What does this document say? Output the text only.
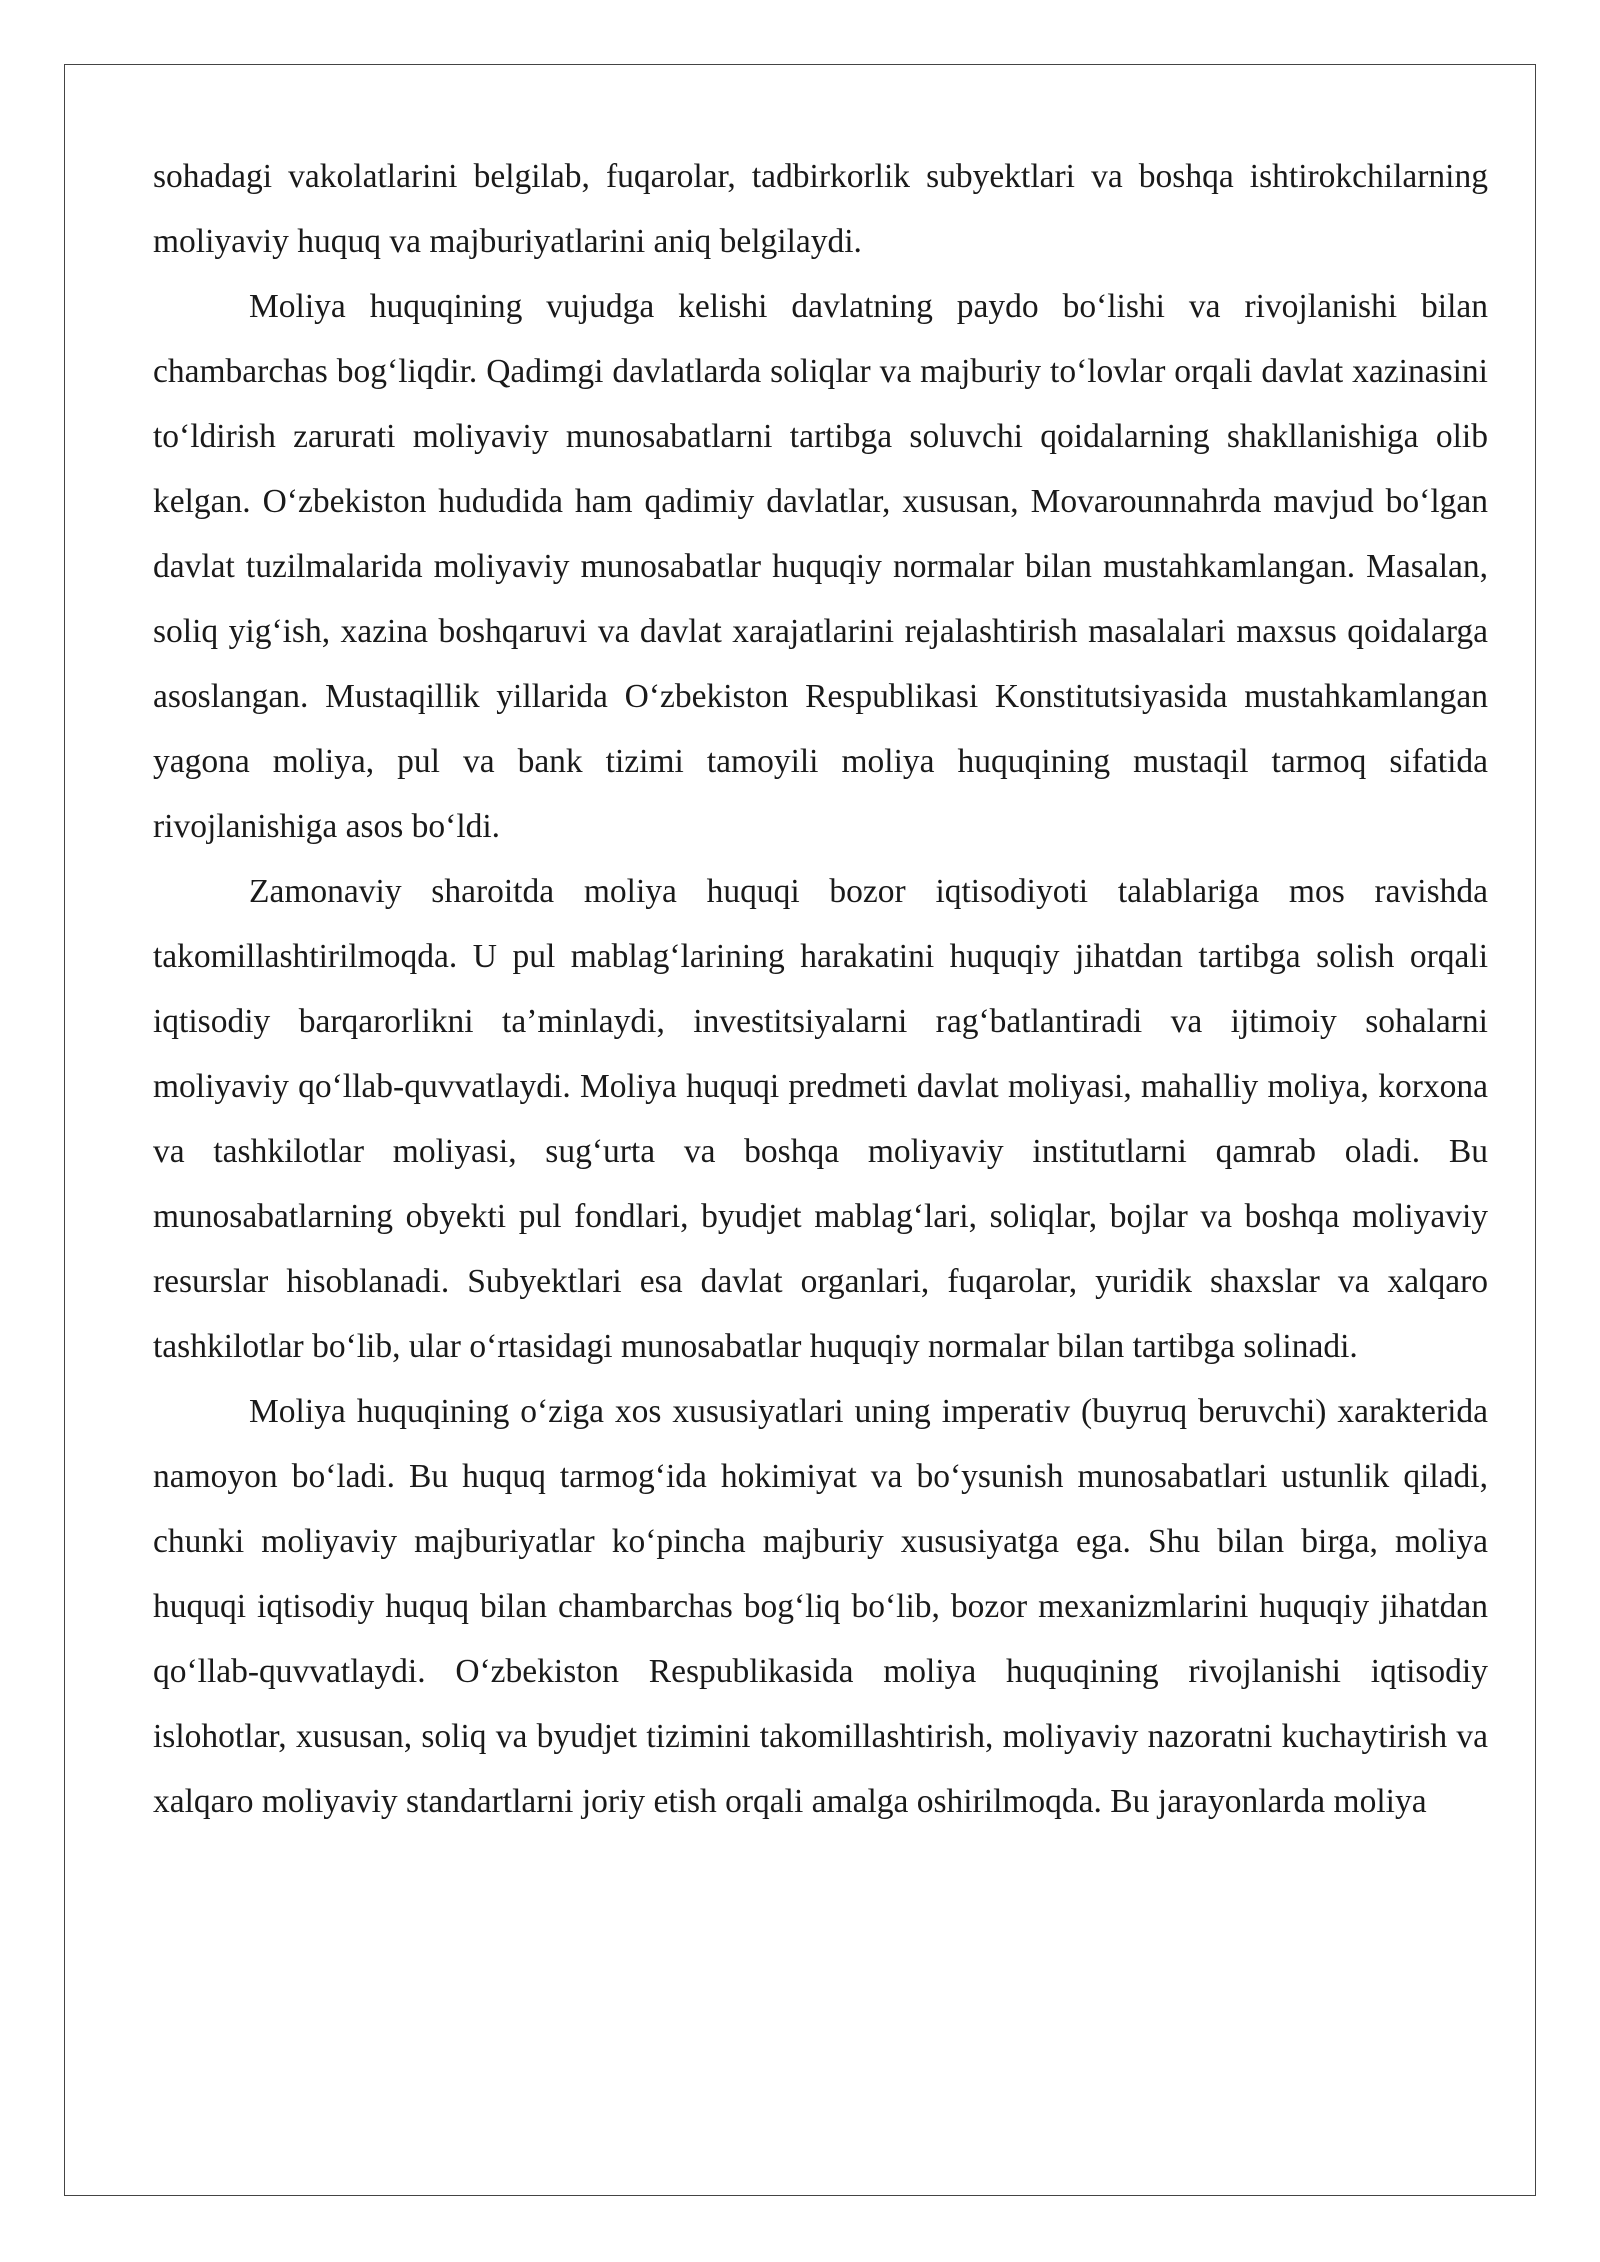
sohadagi vakolatlarini belgilab, fuqarolar, tadbirkorlik subyektlari va boshqa ishtirokchilarning moliyaviy huquq va majburiyatlarini aniq belgilaydi.

Moliya huquqining vujudga kelishi davlatning paydo bo‘lishi va rivojlanishi bilan chambarchas bog‘liqdir. Qadimgi davlatlarda soliqlar va majburiy to‘lovlar orqali davlat xazinasini to‘ldirish zarurati moliyaviy munosabatlarni tartibga soluvchi qoidalarning shakllanishiga olib kelgan. O‘zbekiston hududida ham qadimiy davlatlar, xususan, Movarounnahrda mavjud bo‘lgan davlat tuzilmalarida moliyaviy munosabatlar huquqiy normalar bilan mustahkamlangan. Masalan, soliq yig‘ish, xazina boshqaruvi va davlat xarajatlarini rejalashtirish masalalari maxsus qoidalarga asoslangan. Mustaqillik yillarida O‘zbekiston Respublikasi Konstitutsiyasida mustahkamlangan yagona moliya, pul va bank tizimi tamoyili moliya huquqining mustaqil tarmoq sifatida rivojlanishiga asos bo‘ldi.

Zamonaviy sharoitda moliya huquqi bozor iqtisodiyoti talablariga mos ravishda takomillashtirilmoqda. U pul mablag‘larining harakatini huquqiy jihatdan tartibga solish orqali iqtisodiy barqarorlikni ta’minlaydi, investitsiyalarni rag‘batlantiradi va ijtimoiy sohalarni moliyaviy qo‘llab-quvvatlaydi. Moliya huquqi predmeti davlat moliyasi, mahalliy moliya, korxona va tashkilotlar moliyasi, sug‘urta va boshqa moliyaviy institutlarni qamrab oladi. Bu munosabatlarning obyekti pul fondlari, byudjet mablag‘lari, soliqlar, bojlar va boshqa moliyaviy resurslar hisoblanadi. Subyektlari esa davlat organlari, fuqarolar, yuridik shaxslar va xalqaro tashkilotlar bo‘lib, ular o‘rtasidagi munosabatlar huquqiy normalar bilan tartibga solinadi.

Moliya huquqining o‘ziga xos xususiyatlari uning imperativ (buyruq beruvchi) xarakterida namoyon bo‘ladi. Bu huquq tarmog‘ida hokimiyat va bo‘ysunish munosabatlari ustunlik qiladi, chunki moliyaviy majburiyatlar ko‘pincha majburiy xususiyatga ega. Shu bilan birga, moliya huquqi iqtisodiy huquq bilan chambarchas bog‘liq bo‘lib, bozor mexanizmlarini huquqiy jihatdan qo‘llab-quvvatlaydi. O‘zbekiston Respublikasida moliya huquqining rivojlanishi iqtisodiy islohotlar, xususan, soliq va byudjet tizimini takomillashtirish, moliyaviy nazoratni kuchaytirish va xalqaro moliyaviy standartlarni joriy etish orqali amalga oshirilmoqda. Bu jarayonlarda moliya
